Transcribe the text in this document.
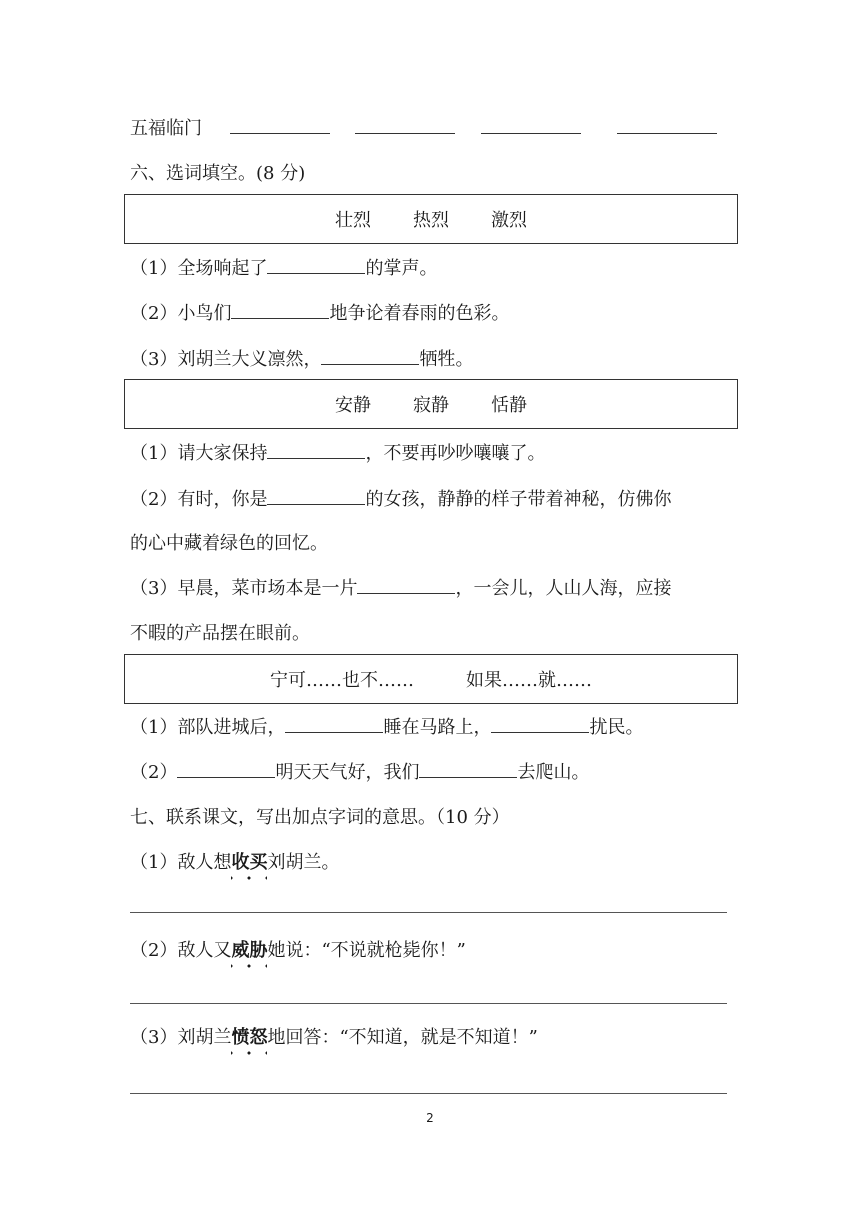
五福临门
六、选词填空。(8 分)
壮烈 热烈 激烈
（1）全场响起了	的掌声。
（2）小鸟们	地争论着春雨的色彩。
（3）刘胡兰大义凛然，	牺牲。
安静 寂静 恬静
（1）请大家保持	，不要再吵吵嚷嚷了。
（2）有时，你是	的女孩，静静的样子带着神秘，仿佛你
的心中藏着绿色的回忆。
（3）早晨，菜市场本是一片	，一会儿，人山人海，应接
不暇的产品摆在眼前。
宁可……也不……	如果……就……
（1）部队进城后，	睡在马路上，	扰民。
（2）	明天天气好，我们	去爬山。
七、联系课文，写出加点字词的意思。（10 分）
（1）敌人想收买刘胡兰。
（2）敌人又威胁她说：“不说就枪毙你！”
（3）刘胡兰愤怒地回答：“不知道，就是不知道！”
2
